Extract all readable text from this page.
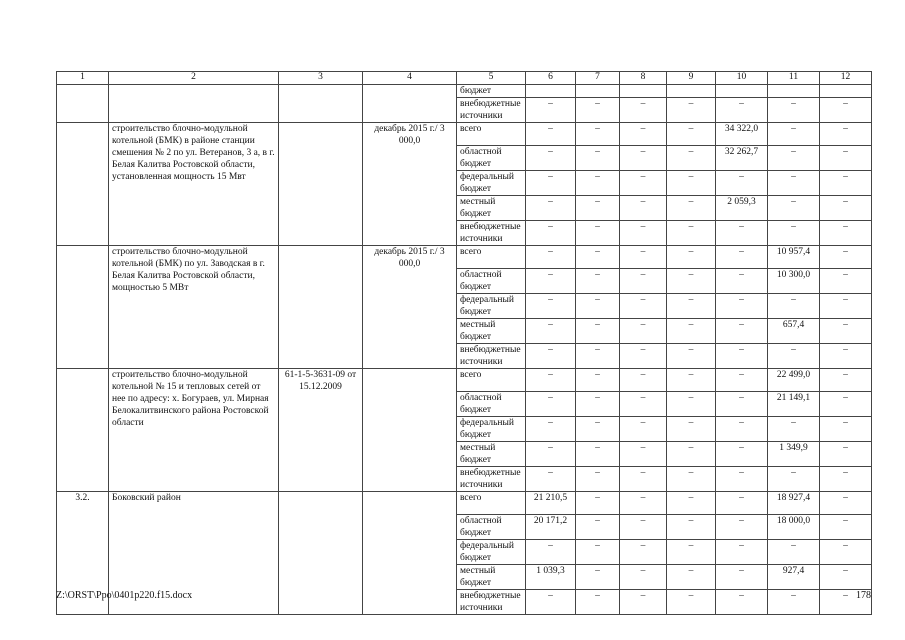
1	2	3	4	5	6	7	8	9	10	11	12
				бюджет							
				внебюджетные источники	–	–	–	–	–	–	–
	строительство блочно-модульной котельной (БМК) в районе станции смешения № 2 по ул. Ветеранов, 3 а, в г. Белая Калитва Ростовской области, установленная мощность 15 Мвт		декабрь 2015 г./ 3 000,0	всего	–	–	–	–	34 322,0	–	–
				областной бюджет	–	–	–	–	32 262,7	–	–
				федеральный бюджет	–	–	–	–	–	–	–
				местный бюджет	–	–	–	–	2 059,3	–	–
				внебюджетные источники	–	–	–	–	–	–	–
	строительство блочно-модульной котельной (БМК) по ул. Заводская в г. Белая Калитва Ростовской области, мощностью 5 МВт		декабрь 2015 г./ 3 000,0	всего	–	–	–	–	–	10 957,4	–
				областной бюджет	–	–	–	–	–	10 300,0	–
				федеральный бюджет	–	–	–	–	–	–	–
				местный бюджет	–	–	–	–	–	657,4	–
				внебюджетные источники	–	–	–	–	–	–	–
	строительство блочно-модульной котельной № 15 и тепловых сетей от нее по адресу: х. Богураев, ул. Мирная Белокалитвинского района Ростовской области	61-1-5-3631-09 от 15.12.2009		всего	–	–	–	–	–	22 499,0	–
				областной бюджет	–	–	–	–	–	21 149,1	–
				федеральный бюджет	–	–	–	–	–	–	–
				местный бюджет	–	–	–	–	–	1 349,9	–
				внебюджетные источники	–	–	–	–	–	–	–
3.2.	Боковский район			всего	21 210,5	–	–	–	–	18 927,4	–
				областной бюджет	20 171,2	–	–	–	–	18 000,0	–
				федеральный бюджет	–	–	–	–	–	–	–
				местный бюджет	1 039,3	–	–	–	–	927,4	–
				внебюджетные источники	–	–	–	–	–	–	–
Z:\ORST\Ppo\0401p220.f15.docx	178
